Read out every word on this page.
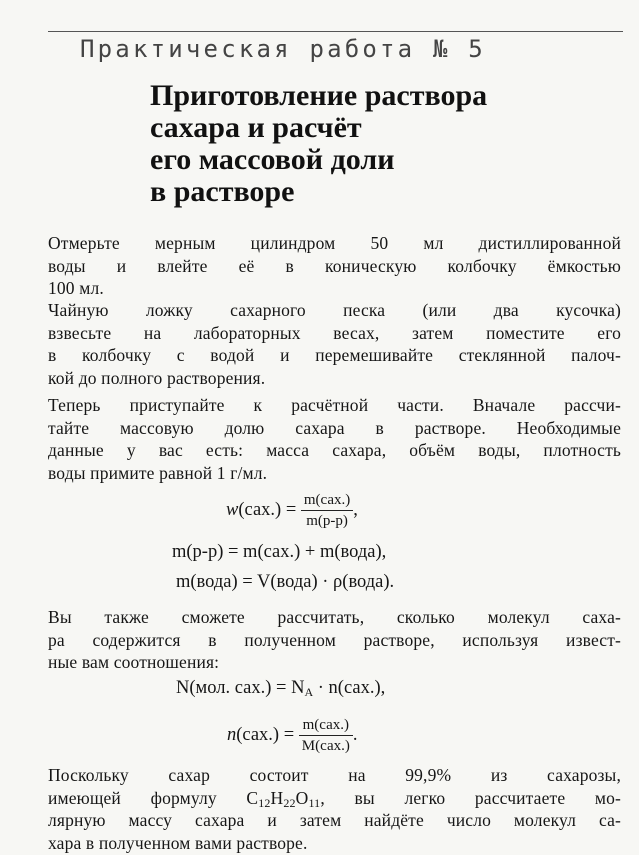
Практическая работа № 5
Приготовление раствора
сахара и расчёт
его массовой доли
в растворе
Отмерьте мерным цилиндром 50 мл дистиллированной
воды и влейте её в коническую колбочку ёмкостью
100 мл.
Чайную ложку сахарного песка (или два кусочка)
взвесьте на лабораторных весах, затем поместите его
в колбочку с водой и перемешивайте стеклянной палоч-
кой до полного растворения.
Теперь приступайте к расчётной части. Вначале рассчи-
тайте массовую долю сахара в растворе. Необходимые
данные у вас есть: масса сахара, объём воды, плотность
воды примите равной 1 г/мл.
$w(сах.) = \frac{\text{m(сах.)}}{m(р-р)}$ ,
m(р-р) = m(сах.) + m(вода),
m(вода) = V(вода) · ρ(вода).
Вы также сможете рассчитать, сколько молекул саха-
ра содержится в полученном растворе, используя извест-
ные вам соотношения:
N(мол. $сах.) = N_A \cdot n(сах.)$,
$n(сах.) = \frac{\text{m(сах.)}}{\text{M(сах.)}}$ .
Поскольку сахар состоит на 99,9% из сахарозы,
имеющей формулу $C_{12}H_{22}O_{11}$, вы легко рассчитаете мо-
лярную массу сахара и затем найдёте число молекул са-
хара в полученном вами растворе.
